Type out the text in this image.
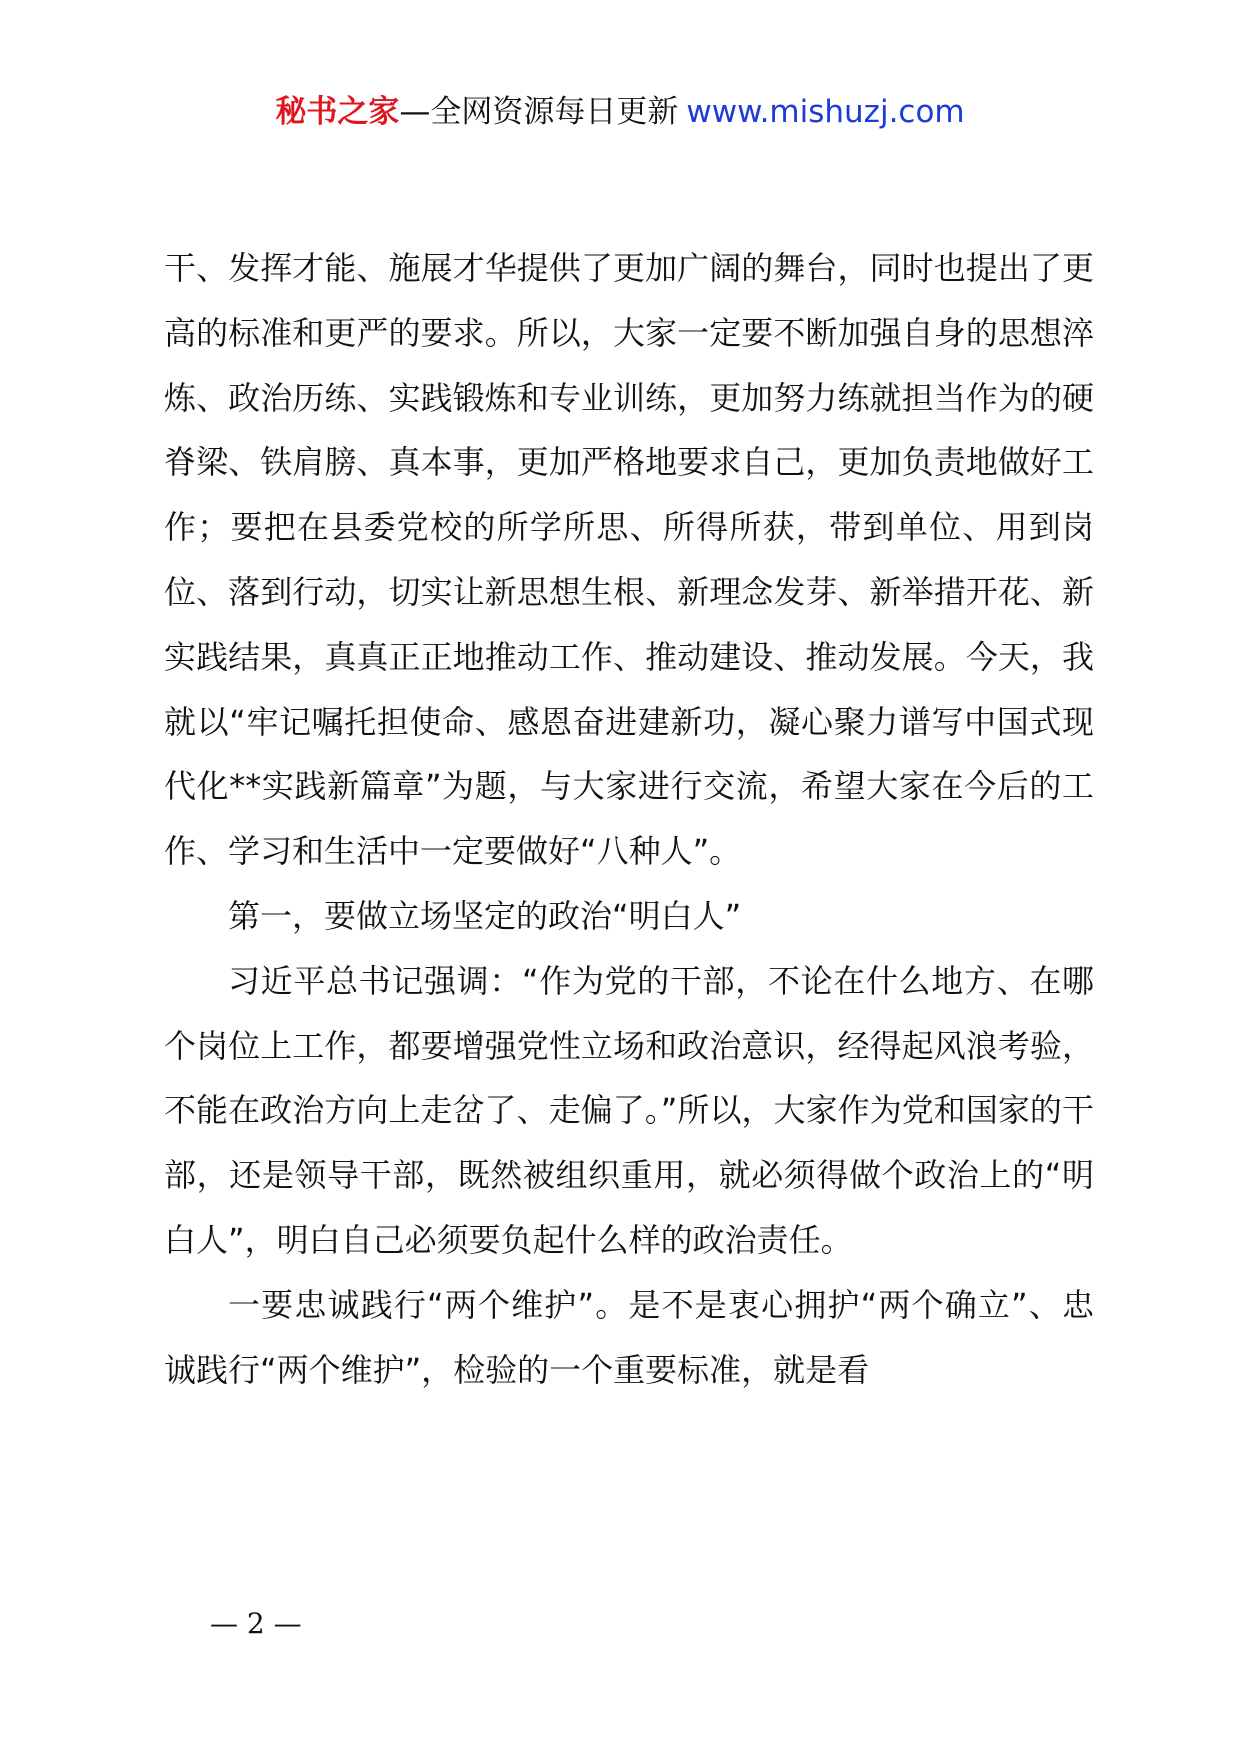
秘书之家—全网资源每日更新 www.mishuzj.com

干、发挥才能、施展才华提供了更加广阔的舞台，同时也提出了更高的标准和更严的要求。所以，大家一定要不断加强自身的思想淬炼、政治历练、实践锻炼和专业训练，更加努力练就担当作为的硬脊梁、铁肩膀、真本事，更加严格地要求自己，更加负责地做好工作；要把在县委党校的所学所思、所得所获，带到单位、用到岗位、落到行动，切实让新思想生根、新理念发芽、新举措开花、新实践结果，真真正正地推动工作、推动建设、推动发展。今天，我就以“牢记嘱托担使命、感恩奋进建新功，凝心聚力谱写中国式现代化**实践新篇章”为题，与大家进行交流，希望大家在今后的工作、学习和生活中一定要做好“八种人”。

第一，要做立场坚定的政治“明白人”

习近平总书记强调：“作为党的干部，不论在什么地方、在哪个岗位上工作，都要增强党性立场和政治意识，经得起风浪考验，不能在政治方向上走岔了、走偏了。”所以，大家作为党和国家的干部，还是领导干部，既然被组织重用，就必须得做个政治上的“明白人”，明白自己必须要负起什么样的政治责任。

一要忠诚践行“两个维护”。是不是衷心拥护“两个确立”、忠诚践行“两个维护”，检验的一个重要标准，就是看

— 2 —
